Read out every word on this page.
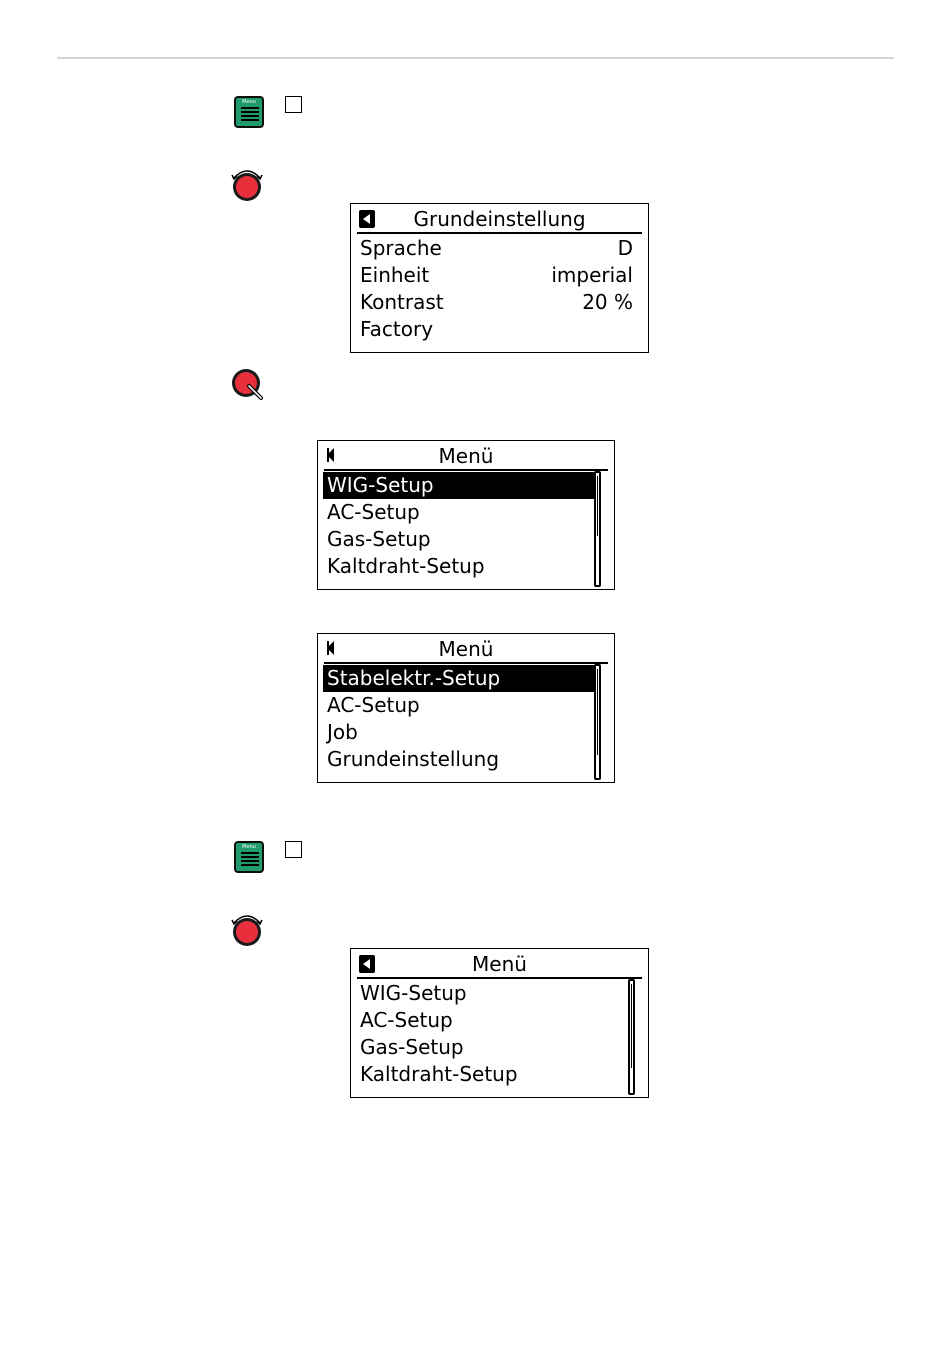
Menu
Grundeinstellung
Sprache	D
Einheit	imperial
Kontrast	20 %
Factory
Menü
WIG-Setup
AC-Setup
Gas-Setup
Kaltdraht-Setup
Menü
Stabelektr.-Setup
AC-Setup
Job
Grundeinstellung
Menu
Menü
WIG-Setup
AC-Setup
Gas-Setup
Kaltdraht-Setup
